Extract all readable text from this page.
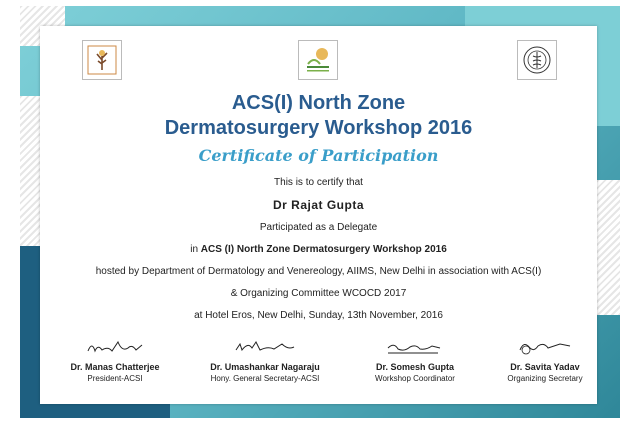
ACS(I) North Zone
Dermatosurgery Workshop 2016
Certificate of Participation
This is to certify that
Dr Rajat Gupta
Participated as a Delegate
in ACS (I) North Zone Dermatosurgery Workshop 2016
hosted by Department of Dermatology and Venereology, AIIMS, New Delhi in association with ACS(I)
& Organizing Committee WCOCD 2017
at Hotel Eros, New Delhi, Sunday, 13th November, 2016
Dr. Manas Chatterjee
President-ACSI
Dr. Umashankar Nagaraju
Hony. General Secretary-ACSI
Dr. Somesh Gupta
Workshop Coordinator
Dr. Savita Yadav
Organizing Secretary
